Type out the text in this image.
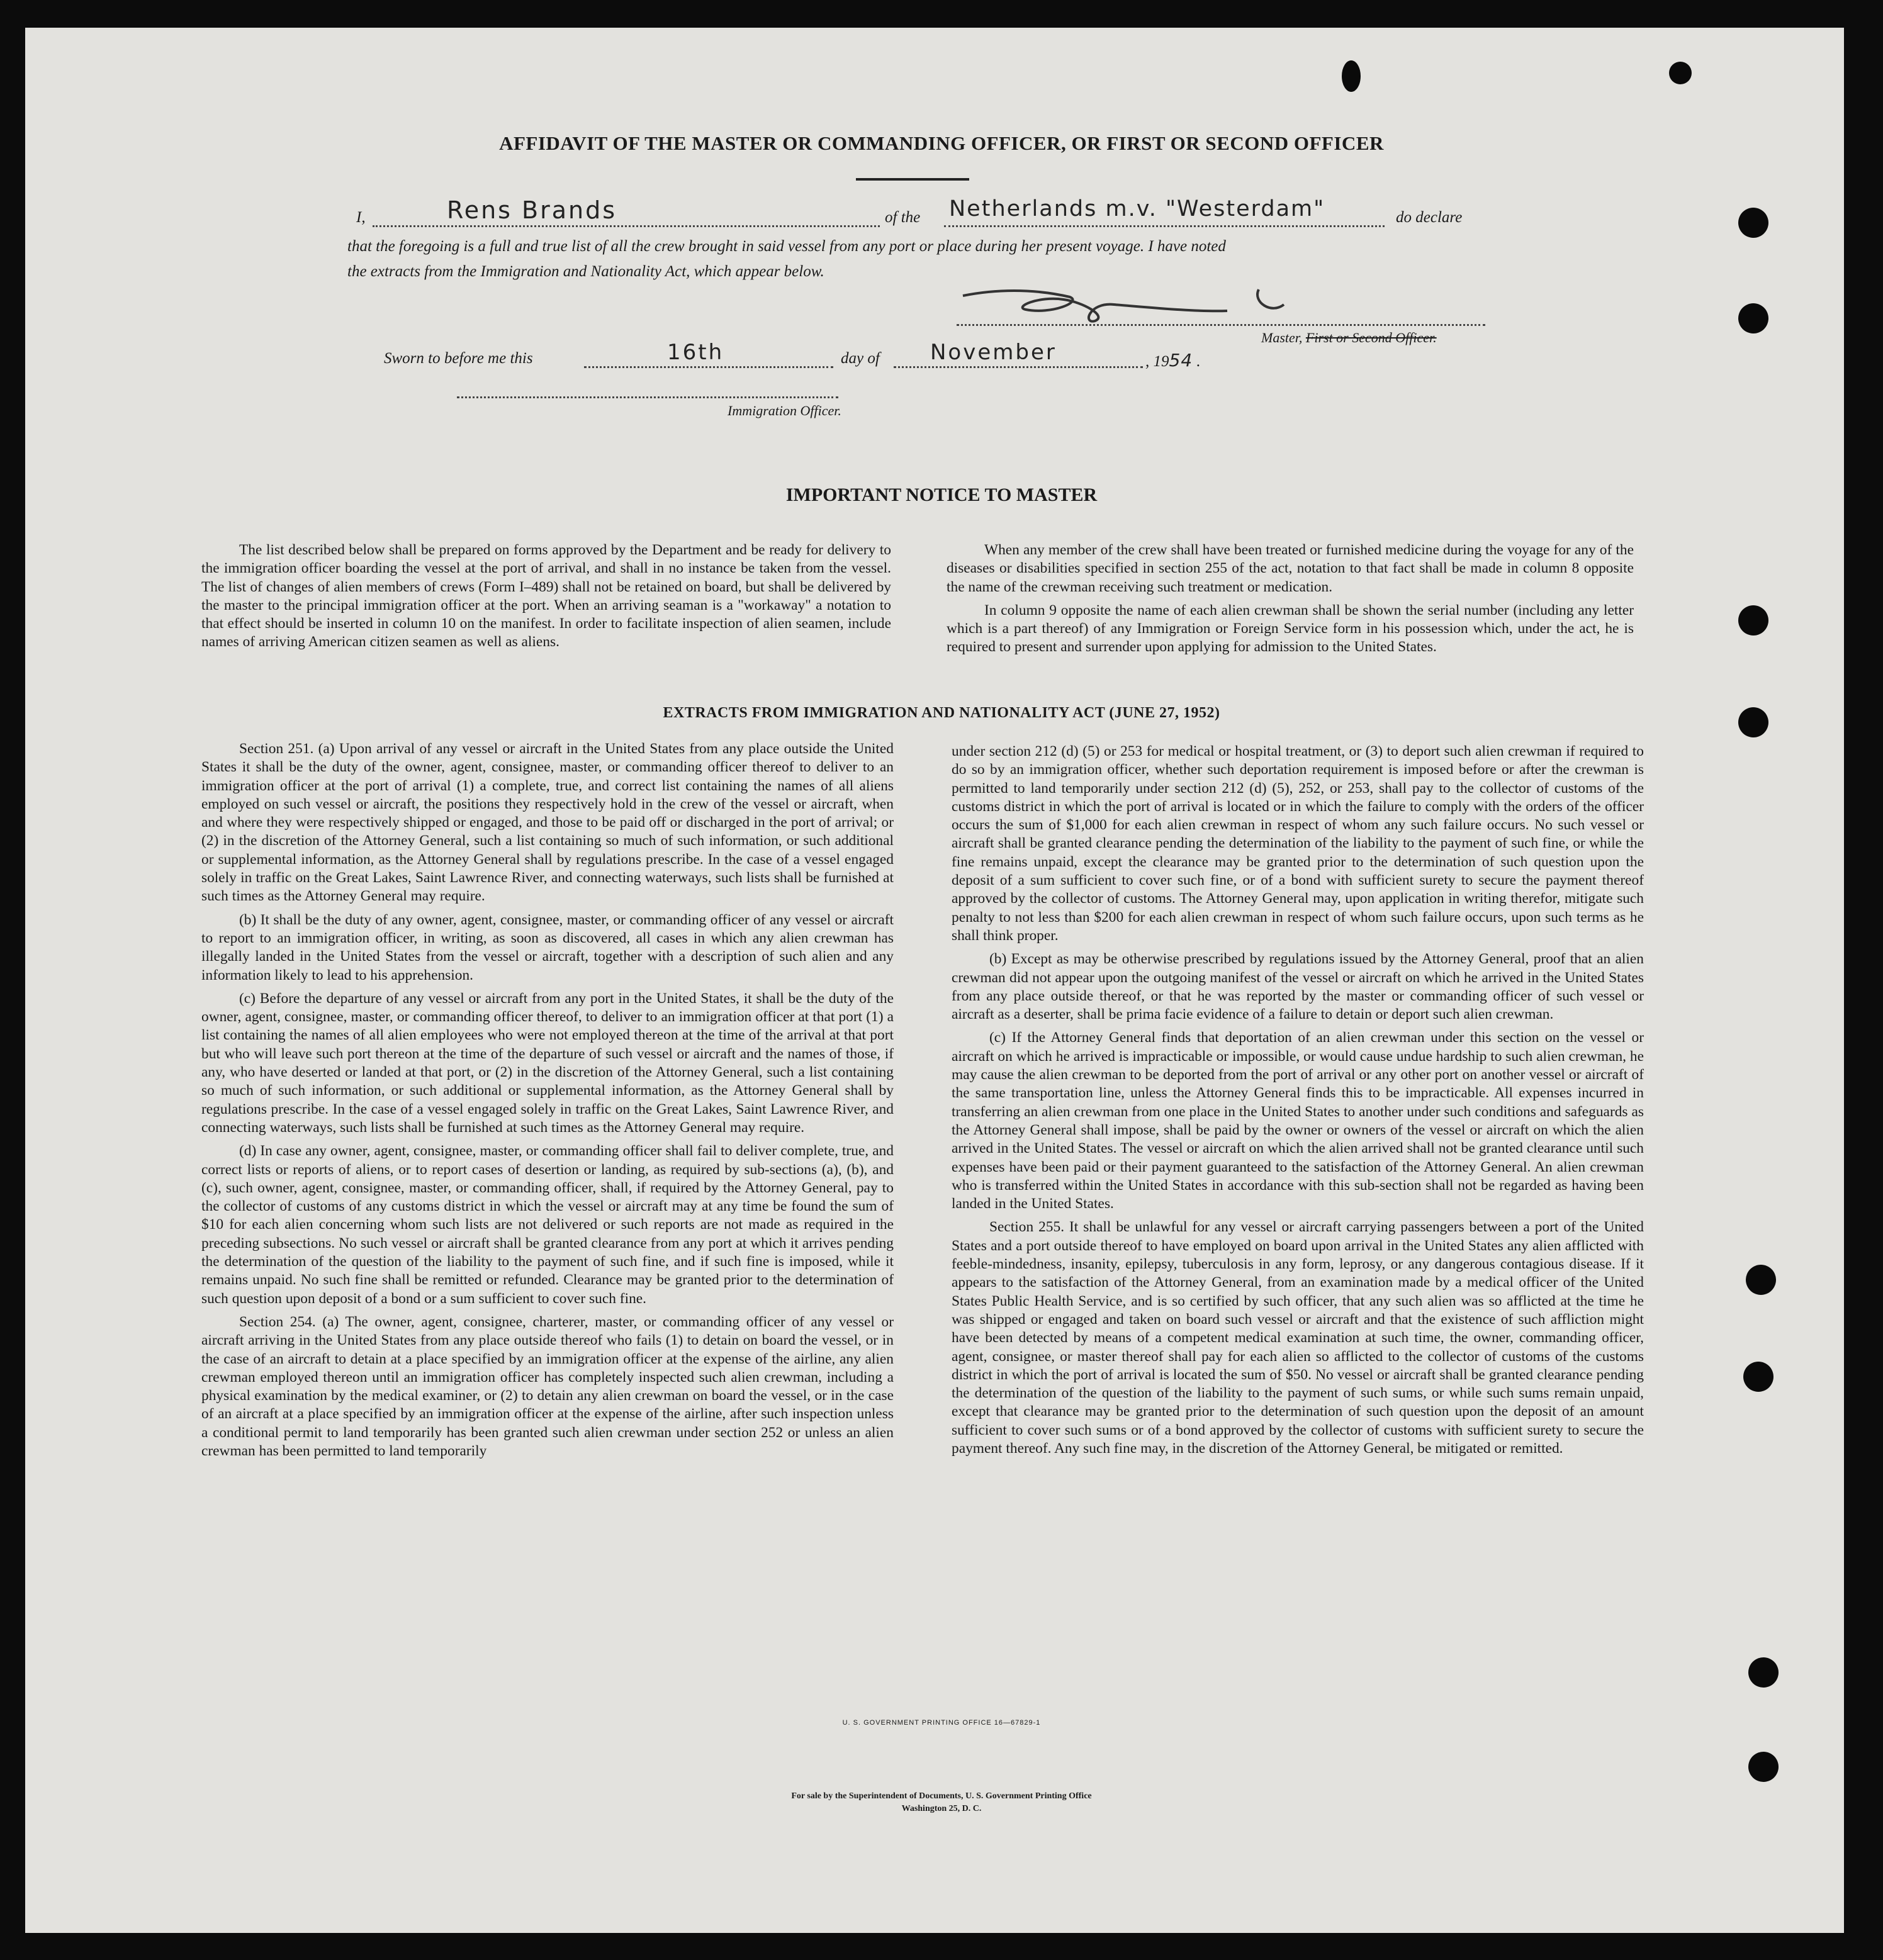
AFFIDAVIT OF THE MASTER OR COMMANDING OFFICER, OR FIRST OR SECOND OFFICER
I,	Rens Brands	of the Netherlands m.v. "Westerdam"	do declare
that the foregoing is a full and true list of all the crew brought in said vessel from any port or place during her present voyage. I have noted
the extracts from the Immigration and Nationality Act, which appear below.
Master, First or Second Officer.
Sworn to before me this	16th	day of November	, 1954 .
Immigration Officer.
IMPORTANT NOTICE TO MASTER

The list described below shall be prepared on forms approved by the Department and be ready for delivery to the immigration officer boarding the vessel at the port of arrival, and shall in no instance be taken from the vessel. The list of changes of alien members of crews (Form I–489) shall not be retained on board, but shall be delivered by the master to the principal immigration officer at the port. When an arriving seaman is a "workaway" a notation to that effect should be inserted in column 10 on the manifest. In order to facilitate inspection of alien seamen, include names of arriving American citizen seamen as well as aliens.

When any member of the crew shall have been treated or furnished medicine during the voyage for any of the diseases or disabilities specified in section 255 of the act, notation to that fact shall be made in column 8 opposite the name of the crewman receiving such treatment or medication.

In column 9 opposite the name of each alien crewman shall be shown the serial number (including any letter which is a part thereof) of any Immigration or Foreign Service form in his possession which, under the act, he is required to present and surrender upon applying for admission to the United States.

EXTRACTS FROM IMMIGRATION AND NATIONALITY ACT (JUNE 27, 1952)

Section 251. (a) Upon arrival of any vessel or aircraft in the United States from any place outside the United States it shall be the duty of the owner, agent, consignee, master, or commanding officer thereof to deliver to an immigration officer at the port of arrival (1) a complete, true, and correct list containing the names of all aliens employed on such vessel or aircraft, the positions they respectively hold in the crew of the vessel or aircraft, when and where they were respectively shipped or engaged, and those to be paid off or discharged in the port of arrival; or (2) in the discretion of the Attorney General, such a list containing so much of such information, or such additional or supplemental information, as the Attorney General shall by regulations prescribe. In the case of a vessel engaged solely in traffic on the Great Lakes, Saint Lawrence River, and connecting waterways, such lists shall be furnished at such times as the Attorney General may require.

(b) It shall be the duty of any owner, agent, consignee, master, or commanding officer of any vessel or aircraft to report to an immigration officer, in writing, as soon as discovered, all cases in which any alien crewman has illegally landed in the United States from the vessel or aircraft, together with a description of such alien and any information likely to lead to his apprehension.

(c) Before the departure of any vessel or aircraft from any port in the United States, it shall be the duty of the owner, agent, consignee, master, or commanding officer thereof, to deliver to an immigration officer at that port (1) a list containing the names of all alien employees who were not employed thereon at the time of the arrival at that port but who will leave such port thereon at the time of the departure of such vessel or aircraft and the names of those, if any, who have deserted or landed at that port, or (2) in the discretion of the Attorney General, such a list containing so much of such information, or such additional or supplemental information, as the Attorney General shall by regulations prescribe. In the case of a vessel engaged solely in traffic on the Great Lakes, Saint Lawrence River, and connecting waterways, such lists shall be furnished at such times as the Attorney General may require.

(d) In case any owner, agent, consignee, master, or commanding officer shall fail to deliver complete, true, and correct lists or reports of aliens, or to report cases of desertion or landing, as required by sub-sections (a), (b), and (c), such owner, agent, consignee, master, or commanding officer, shall, if required by the Attorney General, pay to the collector of customs of any customs district in which the vessel or aircraft may at any time be found the sum of $10 for each alien concerning whom such lists are not delivered or such reports are not made as required in the preceding subsections. No such vessel or aircraft shall be granted clearance from any port at which it arrives pending the determination of the question of the liability to the payment of such fine, and if such fine is imposed, while it remains unpaid. No such fine shall be remitted or refunded. Clearance may be granted prior to the determination of such question upon deposit of a bond or a sum sufficient to cover such fine.

Section 254. (a) The owner, agent, consignee, charterer, master, or commanding officer of any vessel or aircraft arriving in the United States from any place outside thereof who fails (1) to detain on board the vessel, or in the case of an aircraft to detain at a place specified by an immigration officer at the expense of the airline, any alien crewman employed thereon until an immigration officer has completely inspected such alien crewman, including a physical examination by the medical examiner, or (2) to detain any alien crewman on board the vessel, or in the case of an aircraft at a place specified by an immigration officer at the expense of the airline, after such inspection unless a conditional permit to land temporarily has been granted such alien crewman under section 252 or unless an alien crewman has been permitted to land temporarily

under section 212 (d) (5) or 253 for medical or hospital treatment, or (3) to deport such alien crewman if required to do so by an immigration officer, whether such deportation requirement is imposed before or after the crewman is permitted to land temporarily under section 212 (d) (5), 252, or 253, shall pay to the collector of customs of the customs district in which the port of arrival is located or in which the failure to comply with the orders of the officer occurs the sum of $1,000 for each alien crewman in respect of whom any such failure occurs. No such vessel or aircraft shall be granted clearance pending the determination of the liability to the payment of such fine, or while the fine remains unpaid, except the clearance may be granted prior to the determination of such question upon the deposit of a sum sufficient to cover such fine, or of a bond with sufficient surety to secure the payment thereof approved by the collector of customs. The Attorney General may, upon application in writing therefor, mitigate such penalty to not less than $200 for each alien crewman in respect of whom such failure occurs, upon such terms as he shall think proper.

(b) Except as may be otherwise prescribed by regulations issued by the Attorney General, proof that an alien crewman did not appear upon the outgoing manifest of the vessel or aircraft on which he arrived in the United States from any place outside thereof, or that he was reported by the master or commanding officer of such vessel or aircraft as a deserter, shall be prima facie evidence of a failure to detain or deport such alien crewman.

(c) If the Attorney General finds that deportation of an alien crewman under this section on the vessel or aircraft on which he arrived is impracticable or impossible, or would cause undue hardship to such alien crewman, he may cause the alien crewman to be deported from the port of arrival or any other port on another vessel or aircraft of the same transportation line, unless the Attorney General finds this to be impracticable. All expenses incurred in transferring an alien crewman from one place in the United States to another under such conditions and safeguards as the Attorney General shall impose, shall be paid by the owner or owners of the vessel or aircraft on which the alien arrived in the United States. The vessel or aircraft on which the alien arrived shall not be granted clearance until such expenses have been paid or their payment guaranteed to the satisfaction of the Attorney General. An alien crewman who is transferred within the United States in accordance with this sub-section shall not be regarded as having been landed in the United States.

Section 255. It shall be unlawful for any vessel or aircraft carrying passengers between a port of the United States and a port outside thereof to have employed on board upon arrival in the United States any alien afflicted with feeble-mindedness, insanity, epilepsy, tuberculosis in any form, leprosy, or any dangerous contagious disease. If it appears to the satisfaction of the Attorney General, from an examination made by a medical officer of the United States Public Health Service, and is so certified by such officer, that any such alien was so afflicted at the time he was shipped or engaged and taken on board such vessel or aircraft and that the existence of such affliction might have been detected by means of a competent medical examination at such time, the owner, commanding officer, agent, consignee, or master thereof shall pay for each alien so afflicted to the collector of customs of the customs district in which the port of arrival is located the sum of $50. No vessel or aircraft shall be granted clearance pending the determination of the question of the liability to the payment of such sums, or while such sums remain unpaid, except that clearance may be granted prior to the determination of such question upon the deposit of an amount sufficient to cover such sums or of a bond approved by the collector of customs with sufficient surety to secure the payment thereof. Any such fine may, in the discretion of the Attorney General, be mitigated or remitted.

U. S. GOVERNMENT PRINTING OFFICE 16—67829-1
For sale by the Superintendent of Documents, U. S. Government Printing Office
Washington 25, D. C.
